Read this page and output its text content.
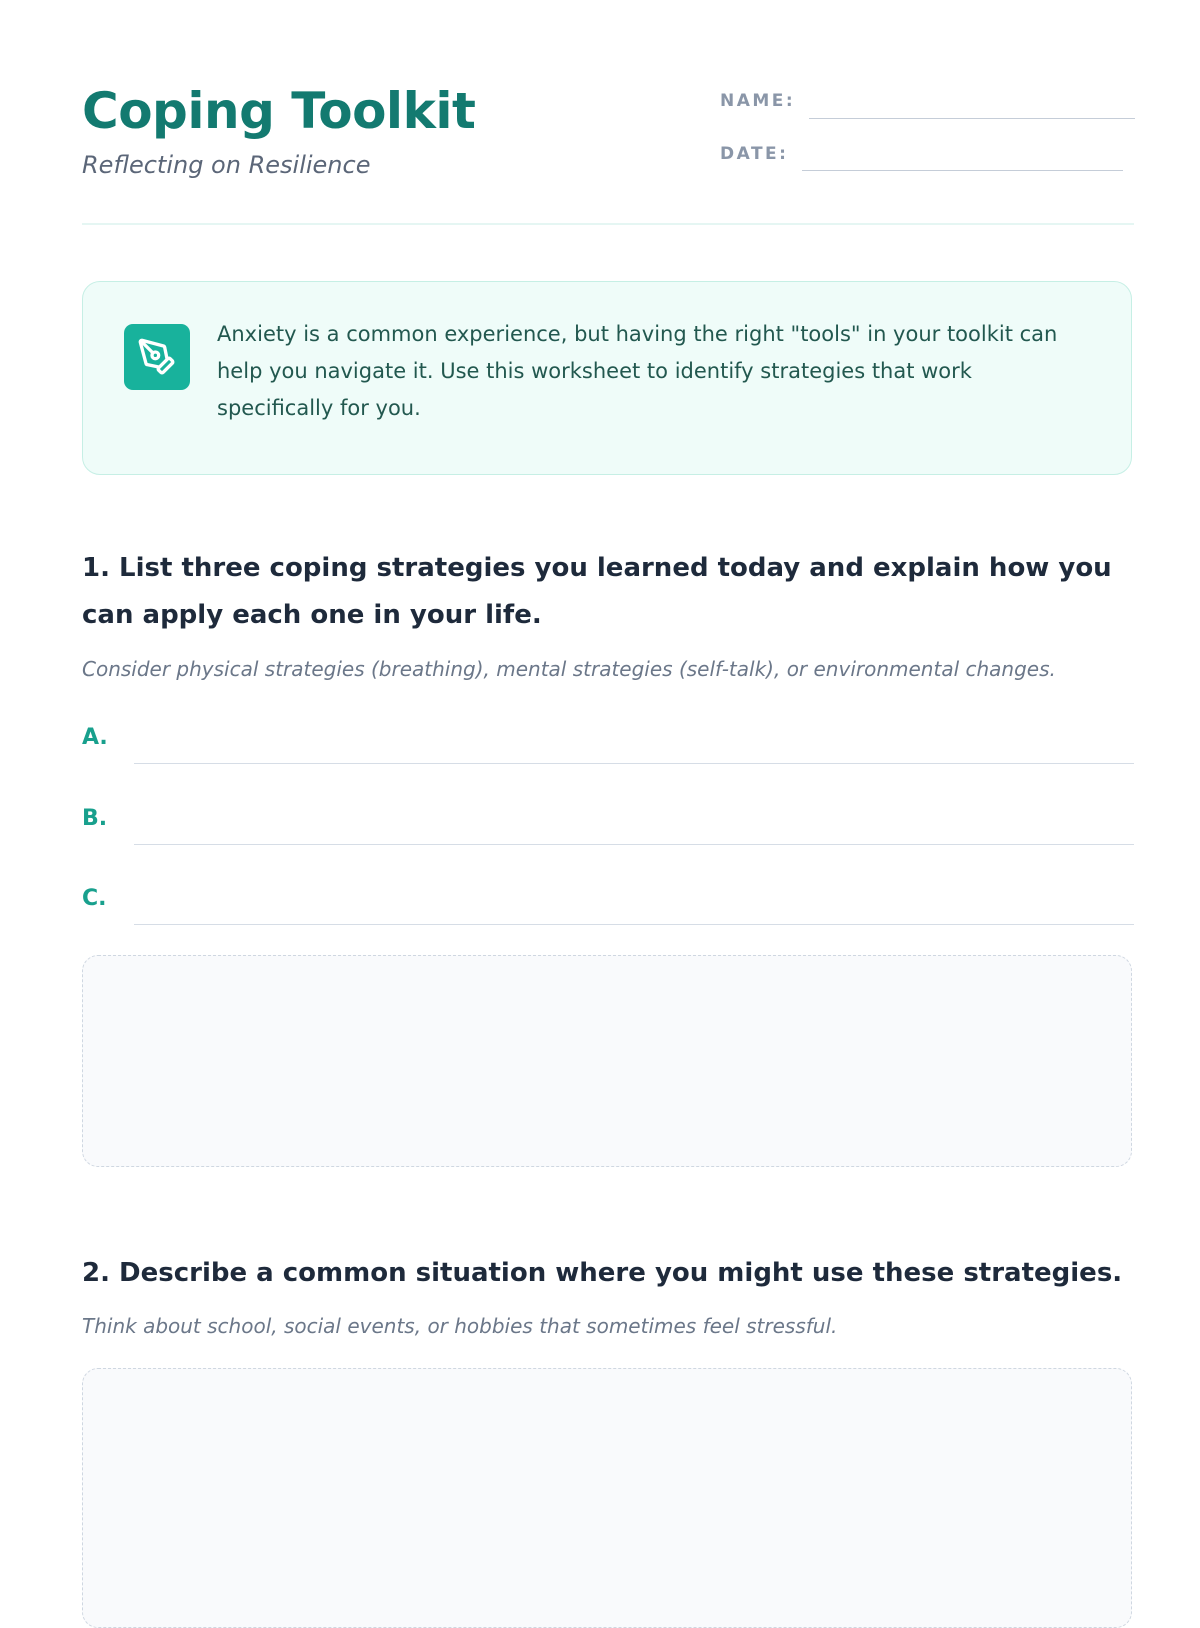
Coping Toolkit

Reflecting on Resilience

NAME:
DATE:

Anxiety is a common experience, but having the right "tools" in your toolkit can help you navigate it. Use this worksheet to identify strategies that work specifically for you.

1. List three coping strategies you learned today and explain how you can apply each one in your life.

Consider physical strategies (breathing), mental strategies (self-talk), or environmental changes.

A.
B.
C.
2. Describe a common situation where you might use these strategies.

Think about school, social events, or hobbies that sometimes feel stressful.
